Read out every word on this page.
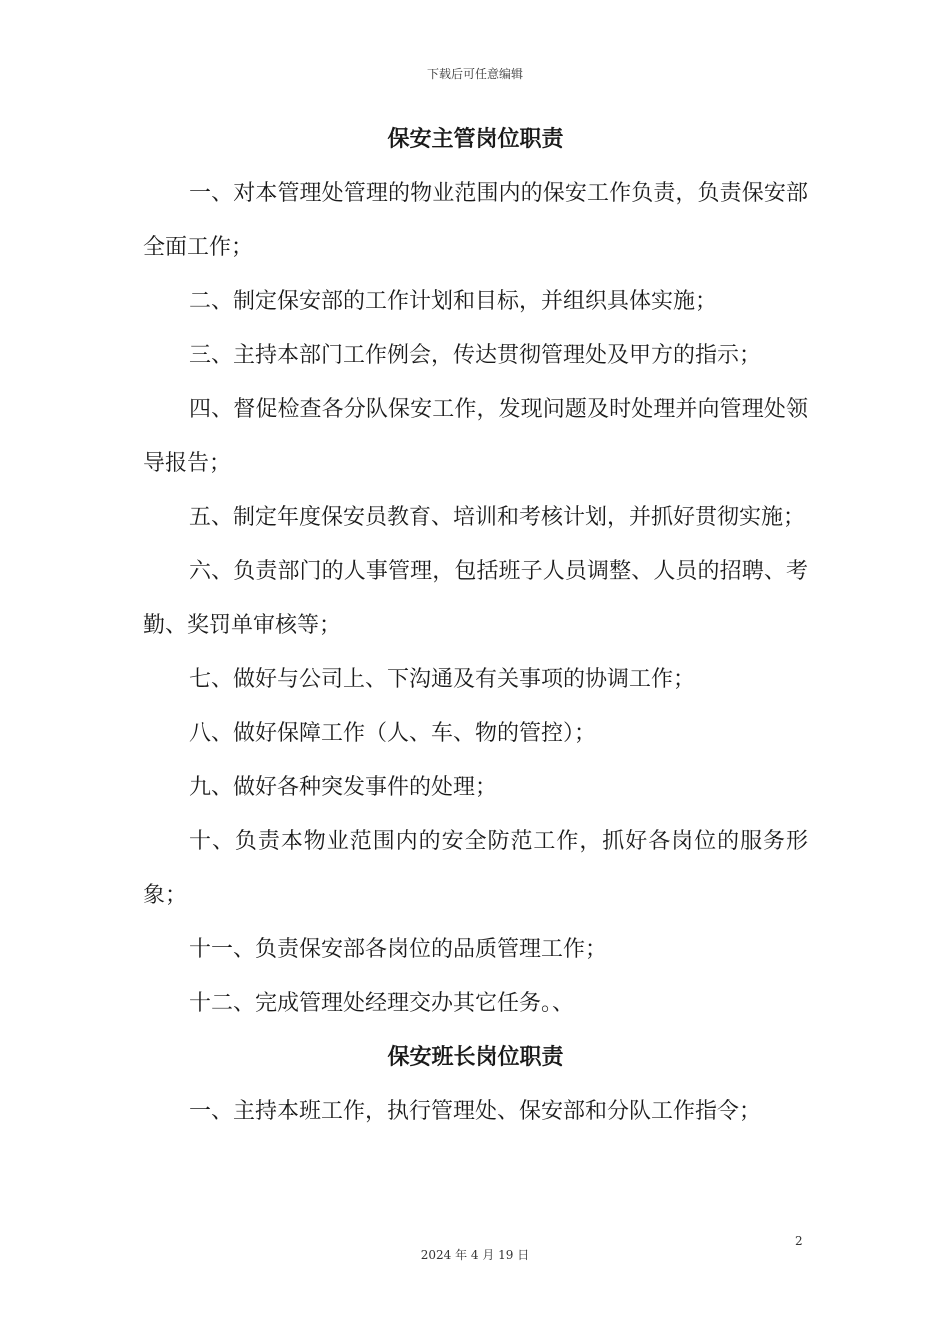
下载后可任意编辑
保安主管岗位职责

一、对本管理处管理的物业范围内的保安工作负责，负责保安部全面工作；

二、制定保安部的工作计划和目标，并组织具体实施；

三、主持本部门工作例会，传达贯彻管理处及甲方的指示；

四、督促检查各分队保安工作，发现问题及时处理并向管理处领导报告；

五、制定年度保安员教育、培训和考核计划，并抓好贯彻实施；

六、负责部门的人事管理，包括班子人员调整、人员的招聘、考勤、奖罚单审核等；

七、做好与公司上、下沟通及有关事项的协调工作；

八、做好保障工作（人、车、物的管控）；

九、做好各种突发事件的处理；

十、负责本物业范围内的安全防范工作，抓好各岗位的服务形象；

十一、负责保安部各岗位的品质管理工作；

十二、完成管理处经理交办其它任务。、

保安班长岗位职责

一、主持本班工作，执行管理处、保安部和分队工作指令；

2
2024 年 4 月 19 日
